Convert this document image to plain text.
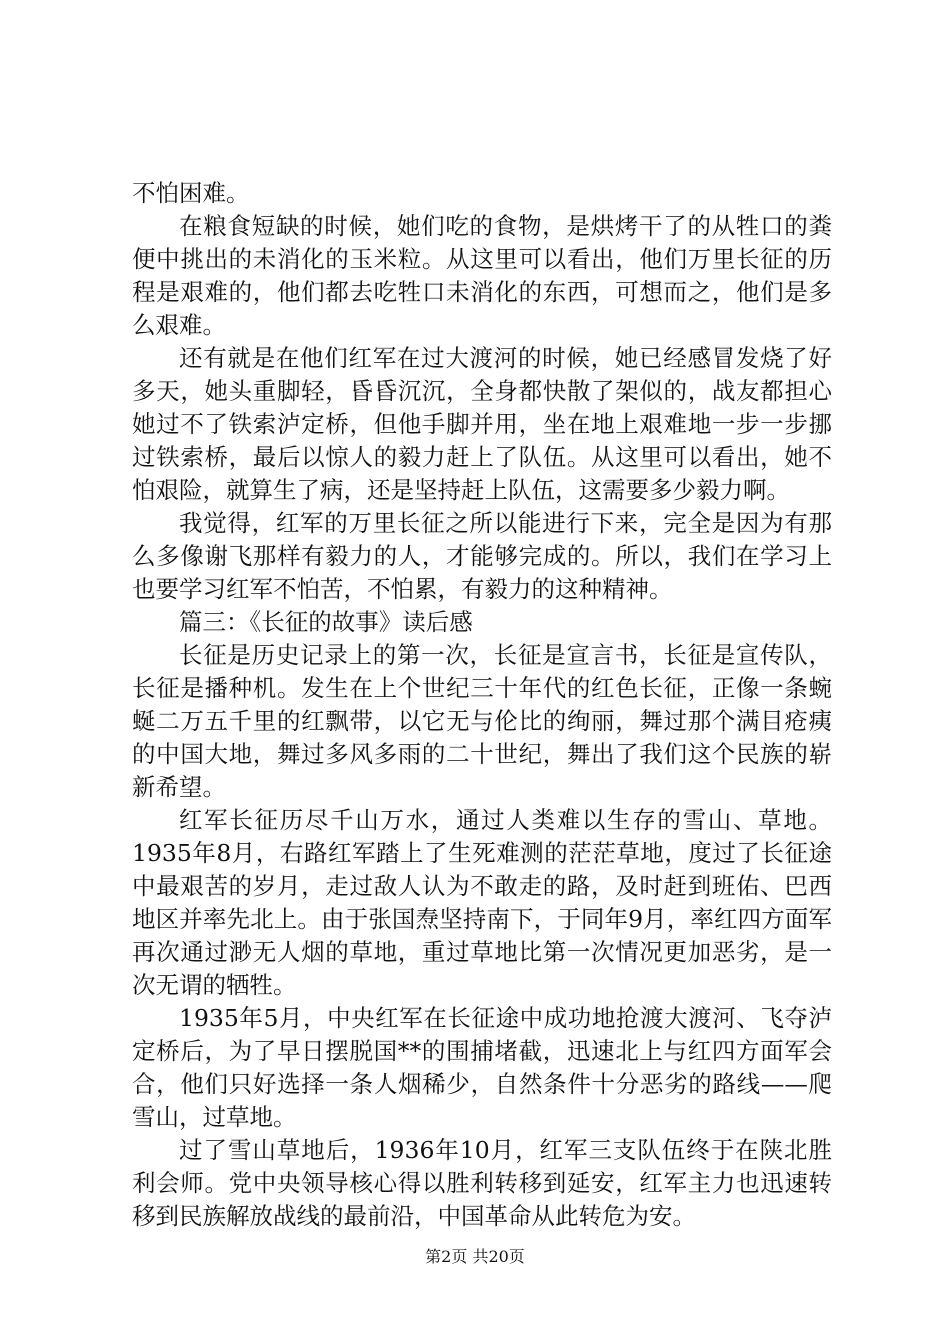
不怕困难。

在粮食短缺的时候，她们吃的食物，是烘烤干了的从牲口的粪便中挑出的未消化的玉米粒。从这里可以看出，他们万里长征的历程是艰难的，他们都去吃牲口未消化的东西，可想而之，他们是多么艰难。

还有就是在他们红军在过大渡河的时候，她已经感冒发烧了好多天，她头重脚轻，昏昏沉沉，全身都快散了架似的，战友都担心她过不了铁索泸定桥，但他手脚并用，坐在地上艰难地一步一步挪过铁索桥，最后以惊人的毅力赶上了队伍。从这里可以看出，她不怕艰险，就算生了病，还是坚持赶上队伍，这需要多少毅力啊。

我觉得，红军的万里长征之所以能进行下来，完全是因为有那么多像谢飞那样有毅力的人，才能够完成的。所以，我们在学习上也要学习红军不怕苦，不怕累，有毅力的这种精神。

篇三：《长征的故事》读后感

长征是历史记录上的第一次，长征是宣言书，长征是宣传队，长征是播种机。发生在上个世纪三十年代的红色长征，正像一条蜿蜒二万五千里的红飘带，以它无与伦比的绚丽，舞过那个满目疮痍的中国大地，舞过多风多雨的二十世纪，舞出了我们这个民族的崭新希望。

红军长征历尽千山万水，通过人类难以生存的雪山、草地。1935年8月，右路红军踏上了生死难测的茫茫草地，度过了长征途中最艰苦的岁月，走过敌人认为不敢走的路，及时赶到班佑、巴西地区并率先北上。由于张国焘坚持南下，于同年9月，率红四方面军再次通过渺无人烟的草地，重过草地比第一次情况更加恶劣，是一次无谓的牺牲。

1935年5月，中央红军在长征途中成功地抢渡大渡河、飞夺泸定桥后，为了早日摆脱国**的围捕堵截，迅速北上与红四方面军会合，他们只好选择一条人烟稀少，自然条件十分恶劣的路线——爬雪山，过草地。

过了雪山草地后，1936年10月，红军三支队伍终于在陕北胜利会师。党中央领导核心得以胜利转移到延安，红军主力也迅速转移到民族解放战线的最前沿，中国革命从此转危为安。

第2页 共20页
